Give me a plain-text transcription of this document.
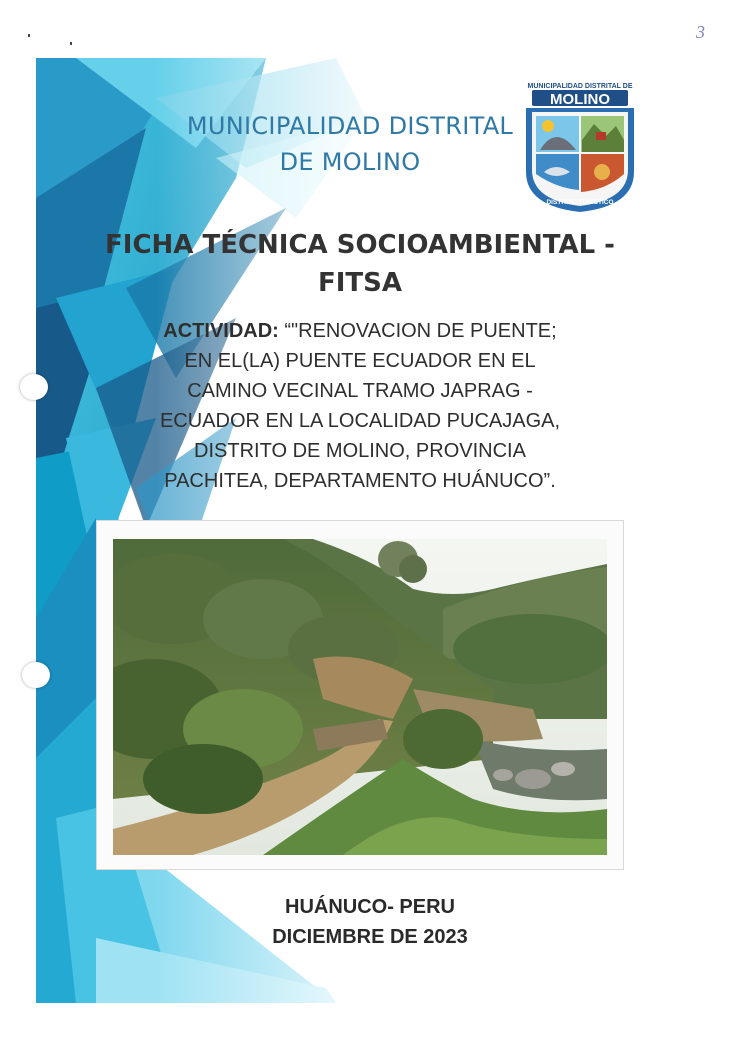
3
MUNICIPALIDAD DISTRITAL
DE MOLINO
MUNICIPALIDAD DISTRITAL DE
MOLINO
DISTRITO TURISTICO
FICHA TÉCNICA SOCIOAMBIENTAL -
FITSA
ACTIVIDAD: “"RENOVACION DE PUENTE;
EN EL(LA) PUENTE ECUADOR EN EL
CAMINO VECINAL TRAMO JAPRAG -
ECUADOR EN LA LOCALIDAD PUCAJAGA,
DISTRITO DE MOLINO, PROVINCIA
PACHITEA, DEPARTAMENTO HUÁNUCO”.
HUÁNUCO- PERU
DICIEMBRE DE 2023
